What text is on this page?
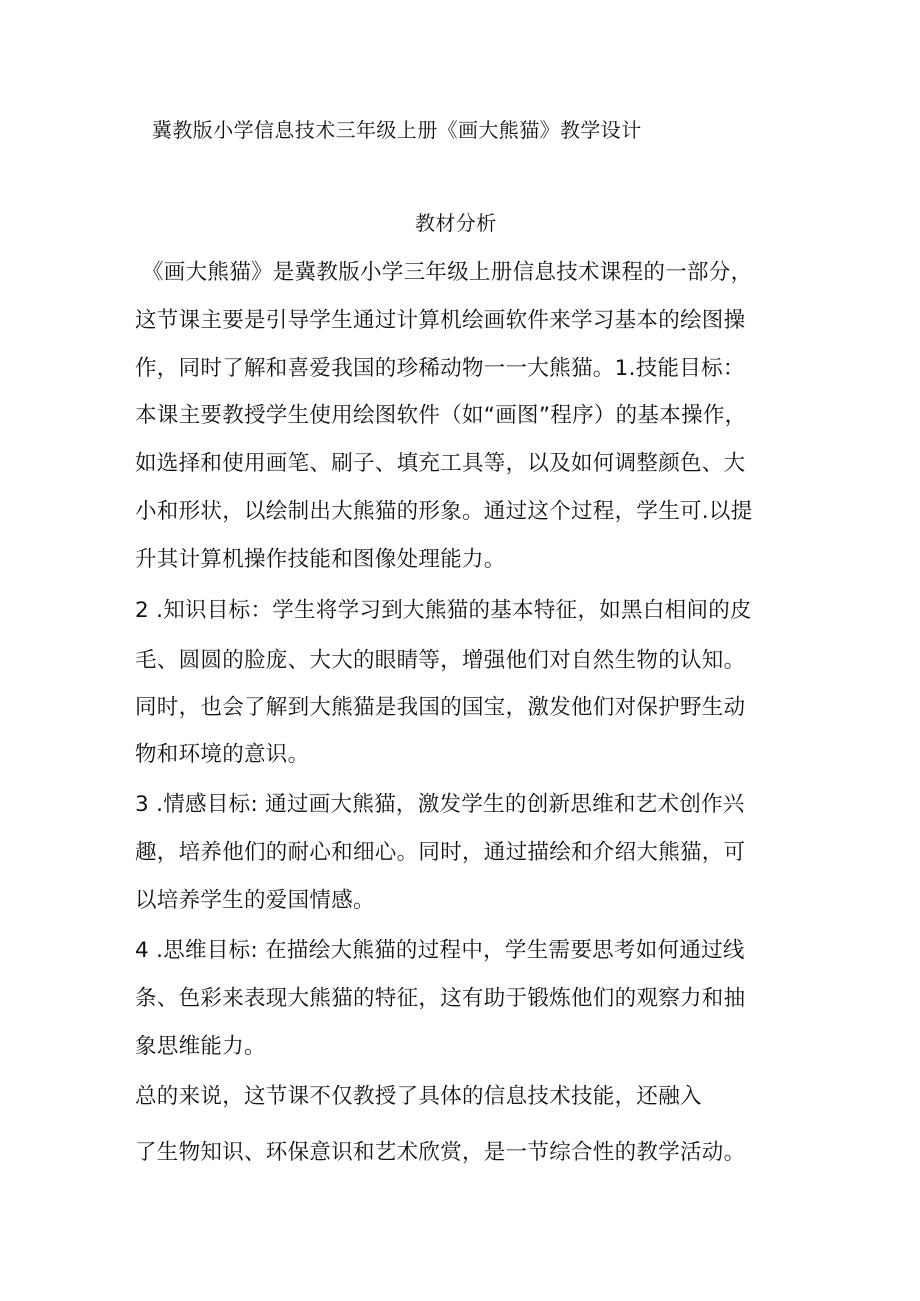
冀教版小学信息技术三年级上册《画大熊猫》教学设计
教材分析
《画大熊猫》是冀教版小学三年级上册信息技术课程的一部分，
这节课主要是引导学生通过计算机绘画软件来学习基本的绘图操
作，同时了解和喜爱我国的珍稀动物一一大熊猫。1.技能目标：
本课主要教授学生使用绘图软件（如“画图”程序）的基本操作，
如选择和使用画笔、刷子、填充工具等，以及如何调整颜色、大
小和形状，以绘制出大熊猫的形象。通过这个过程，学生可.以提
升其计算机操作技能和图像处理能力。
2 .知识目标：学生将学习到大熊猫的基本特征，如黑白相间的皮
毛、圆圆的脸庞、大大的眼睛等，增强他们对自然生物的认知。
同时，也会了解到大熊猫是我国的国宝，激发他们对保护野生动
物和环境的意识。
3 .情感目标: 通过画大熊猫，激发学生的创新思维和艺术创作兴
趣，培养他们的耐心和细心。同时，通过描绘和介绍大熊猫，可
以培养学生的爱国情感。
4 .思维目标: 在描绘大熊猫的过程中，学生需要思考如何通过线
条、色彩来表现大熊猫的特征，这有助于锻炼他们的观察力和抽
象思维能力。
总的来说，这节课不仅教授了具体的信息技术技能，还融入
了生物知识、环保意识和艺术欣赏，是一节综合性的教学活动。
